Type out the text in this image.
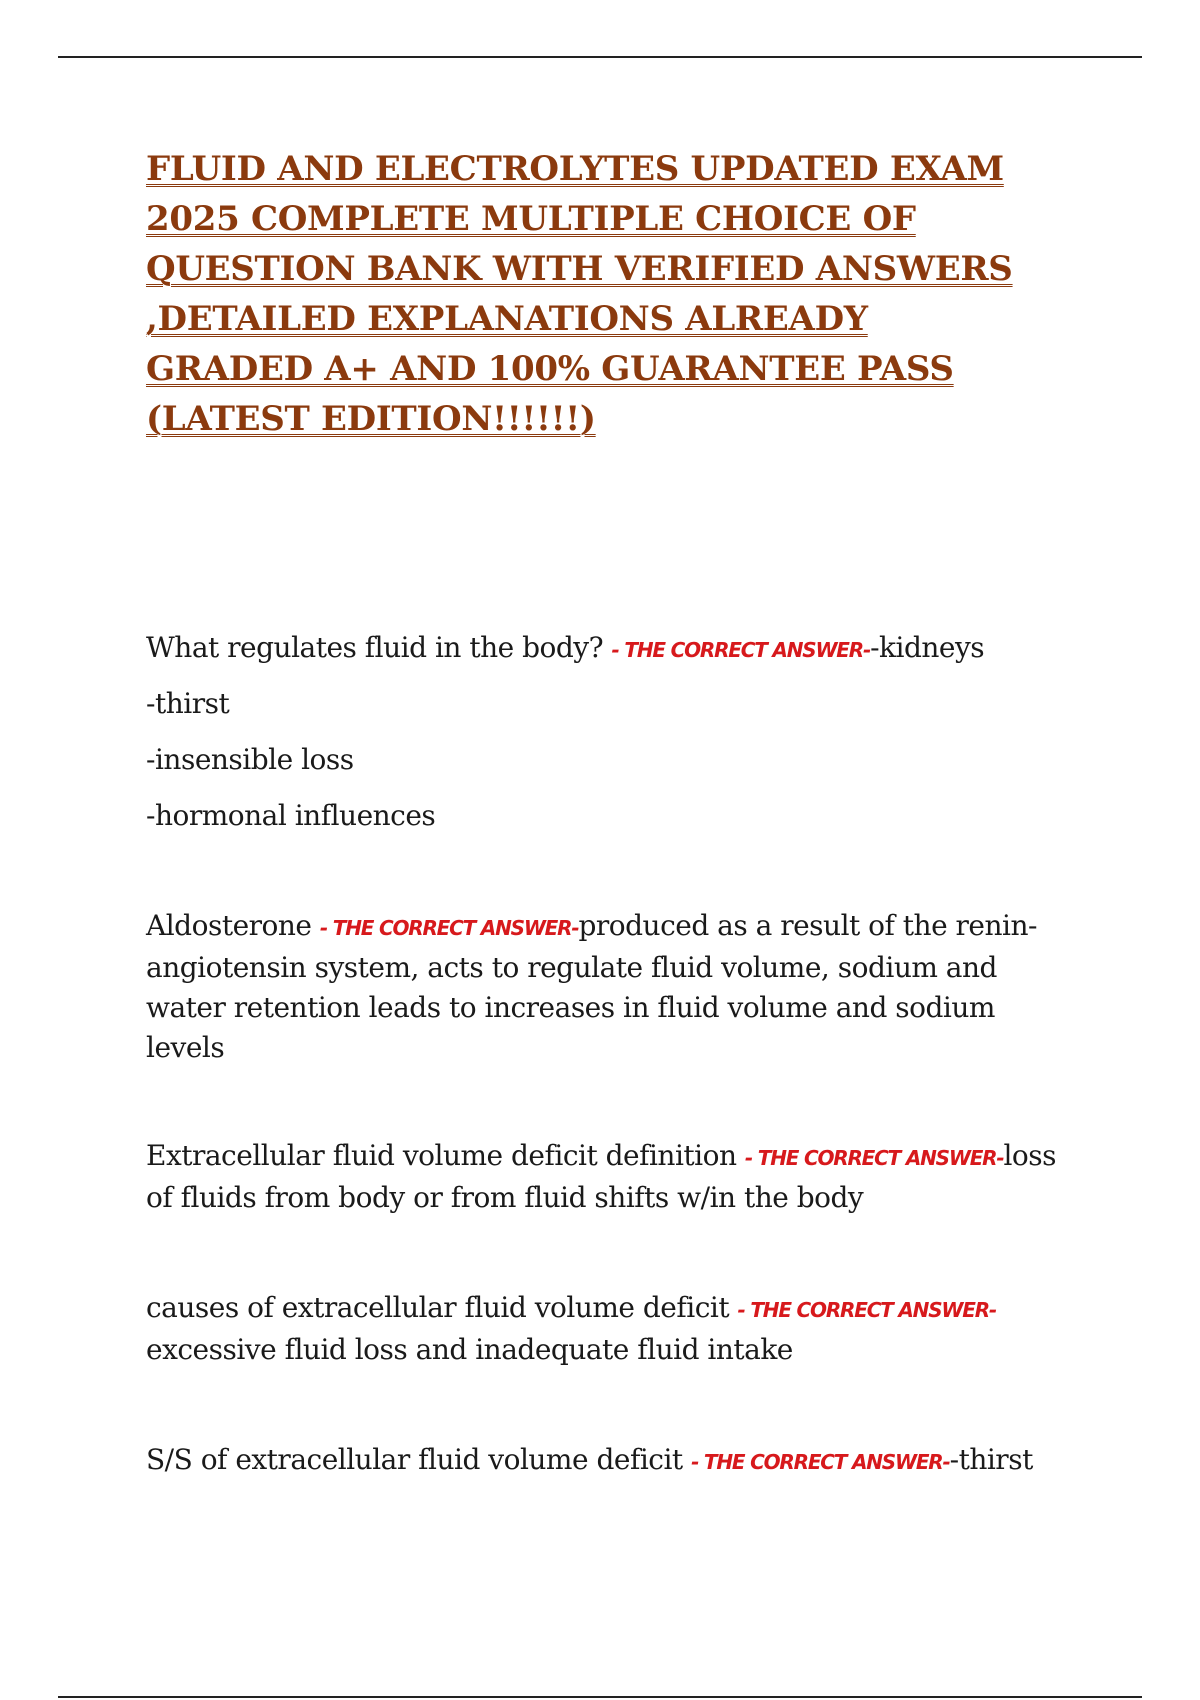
FLUID AND ELECTROLYTES UPDATED EXAM 2025 COMPLETE MULTIPLE CHOICE OF QUESTION BANK WITH VERIFIED ANSWERS ,DETAILED EXPLANATIONS ALREADY GRADED A+ AND 100% GUARANTEE PASS (LATEST EDITION!!!!!!)

What regulates fluid in the body? - THE CORRECT ANSWER--kidneys

-thirst

-insensible loss

-hormonal influences

Aldosterone - THE CORRECT ANSWER-produced as a result of the renin-angiotensin system, acts to regulate fluid volume, sodium and water retention leads to increases in fluid volume and sodium levels

Extracellular fluid volume deficit definition - THE CORRECT ANSWER-loss of fluids from body or from fluid shifts w/in the body

causes of extracellular fluid volume deficit - THE CORRECT ANSWER-excessive fluid loss and inadequate fluid intake

S/S of extracellular fluid volume deficit - THE CORRECT ANSWER--thirst
